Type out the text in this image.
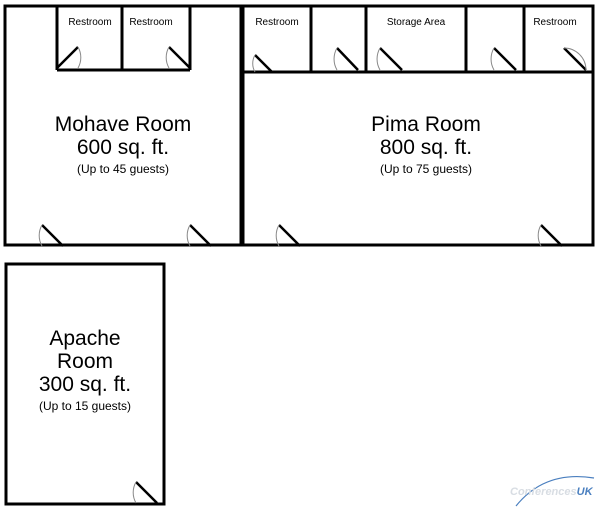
Restroom	Restroom	Restroom	Storage Area	Restroom
Mohave Room
600 sq. ft.
(Up to 45 guests)
Pima Room
800 sq. ft.
(Up to 75 guests)
Apache
Room
300 sq. ft.
(Up to 15 guests)
ConferencesUK
